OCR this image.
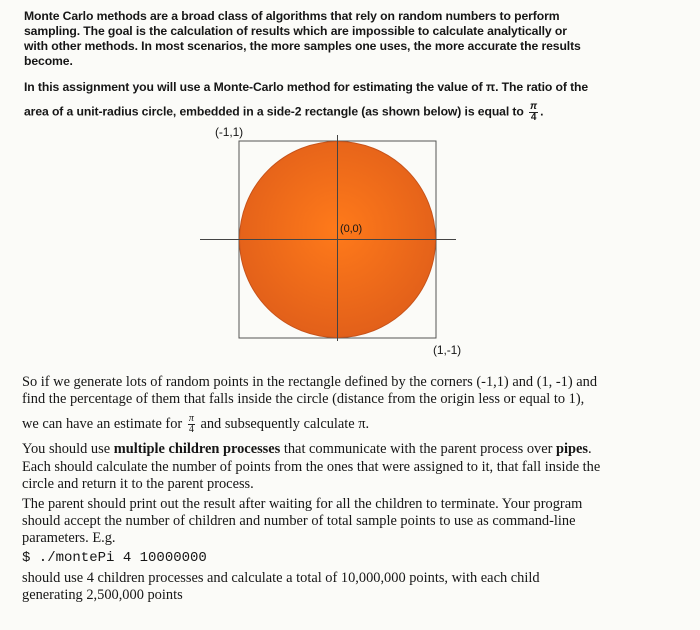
Monte Carlo methods are a broad class of algorithms that rely on random numbers to perform
sampling. The goal is the calculation of results which are impossible to calculate analytically or
with other methods. In most scenarios, the more samples one uses, the more accurate the results
become.
In this assignment you will use a Monte-Carlo method for estimating the value of π. The ratio of the
area of a unit-radius circle, embedded in a side-2 rectangle (as shown below) is equal to $\frac{\pi}{4}$ .
(-1,1)
(0,0)
(1,-1)
So if we generate lots of random points in the rectangle defined by the corners (-1,1) and (1, -1) and
find the percentage of them that falls inside the circle (distance from the origin less or equal to 1),
we can have an estimate for $\frac{\pi}{4}$ and subsequently calculate π.
You should use multiple children processes that communicate with the parent process over pipes.
Each should calculate the number of points from the ones that were assigned to it, that fall inside the
circle and return it to the parent process.
The parent should print out the result after waiting for all the children to terminate. Your program
should accept the number of children and number of total sample points to use as command-line
parameters. E.g.
$ ./montePi 4 10000000
should use 4 children processes and calculate a total of 10,000,000 points, with each child
generating 2,500,000 points
